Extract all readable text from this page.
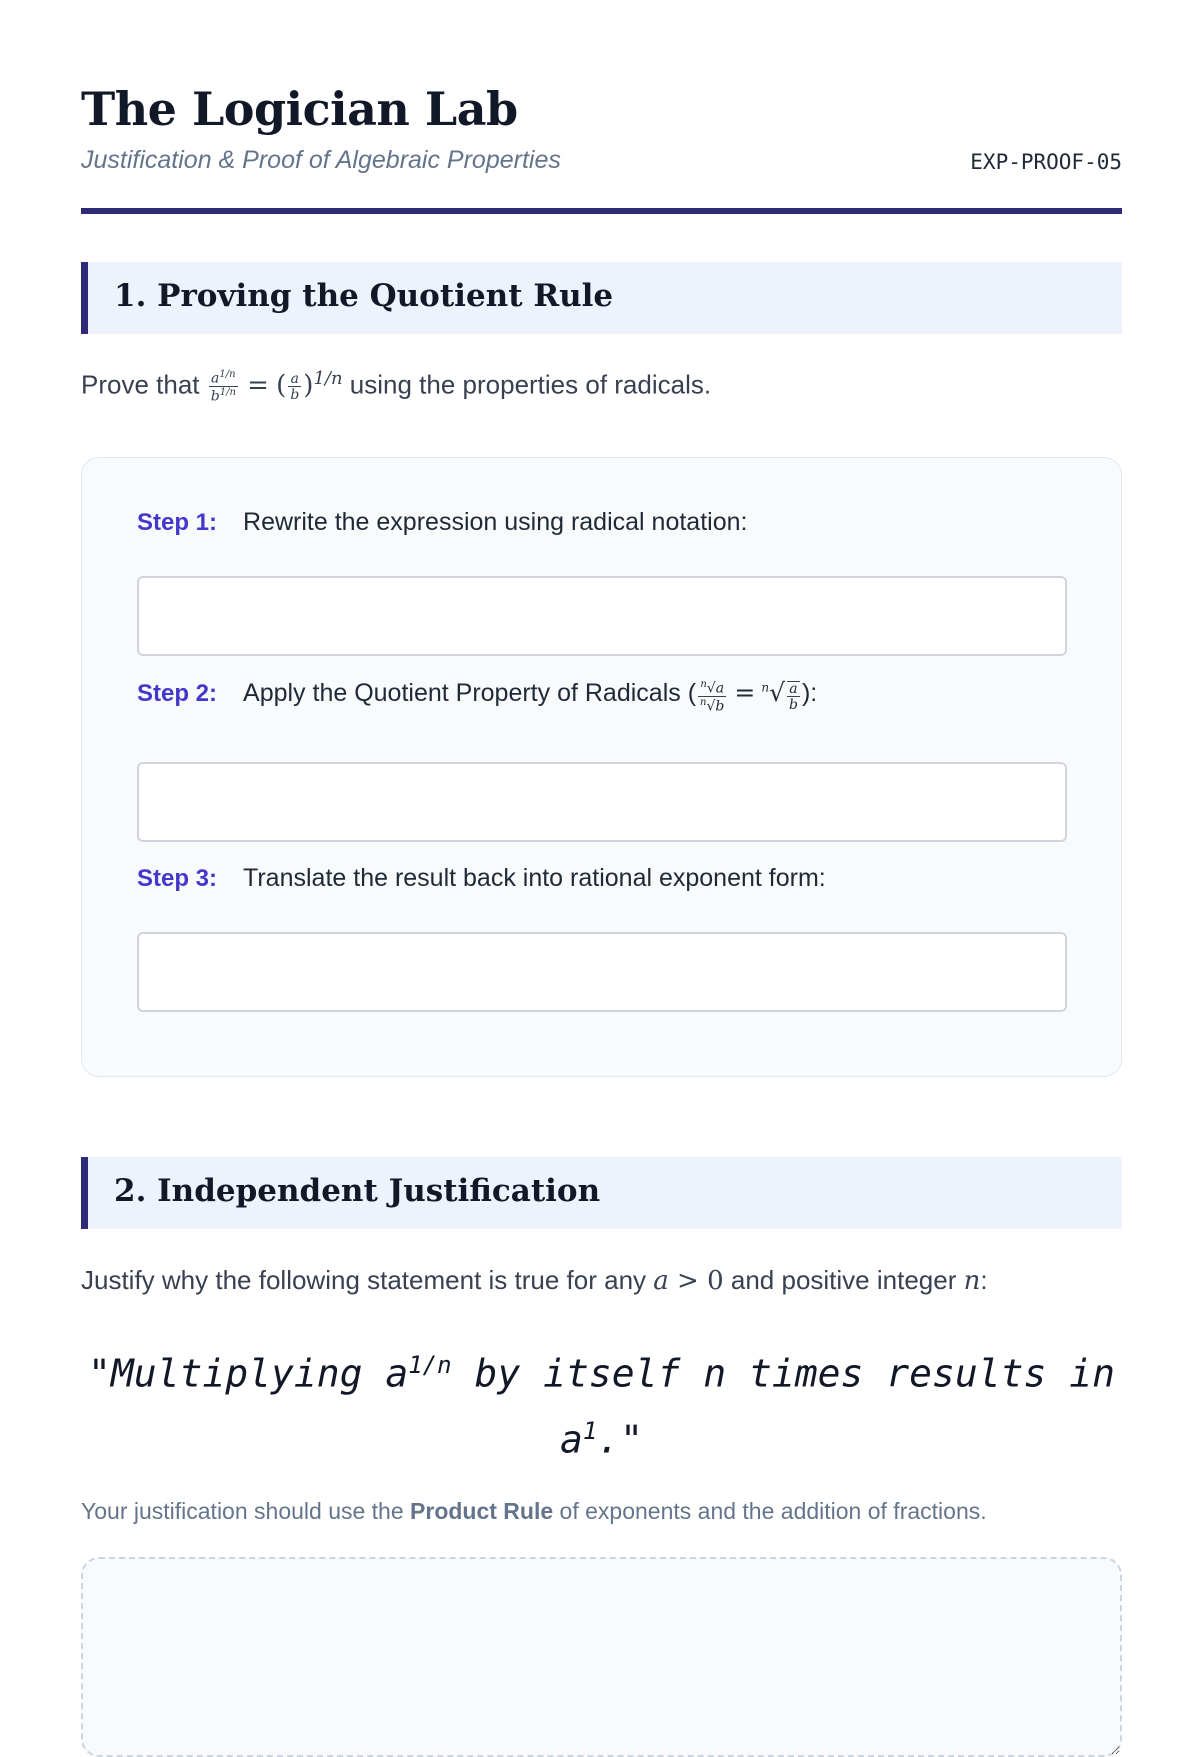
The Logician Lab
Justification & Proof of Algebraic Properties	EXP-PROOF-05
1. Proving the Quotient Rule
Prove that $\frac{a^{1/n}}{b^{1/n}}$ = ( $\frac{a}{b} )^{1/n}$ using the properties of radicals.
Step 1: Rewrite the expression using radical notation:
Step 2: Apply the Quotient Property of Radicals ( $\frac{^n√a}{^n√b} = ^n√ \frac{a}{b}$ ):
Step 3: Translate the result back into rational exponent form:
2. Independent Justification
Justify why the following statement is true for any a > 0 and positive integer n:
"Multiplying $a^{1/n}$ by itself n times results in $a^1$."
Your justification should use the Product Rule of exponents and the addition of fractions.
